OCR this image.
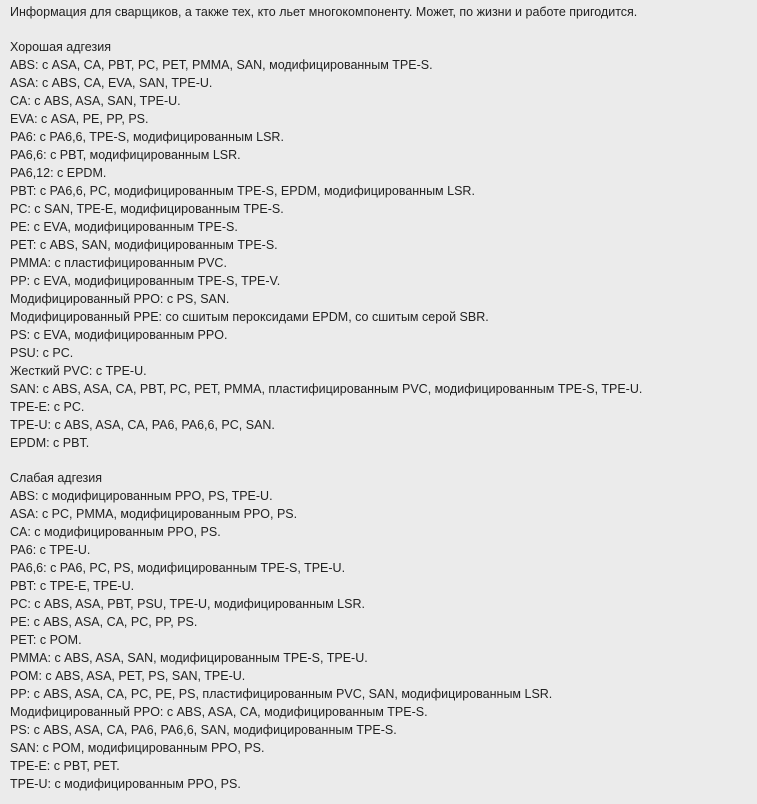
Информация для сварщиков, а также тех, кто льет многокомпоненту. Может, по жизни и работе пригодится.
Хорошая адгезия
ABS: с ASA, CA, PBT, PC, PET, PMMA, SAN, модифицированным TPE-S.
ASA: с ABS, CA, EVA, SAN, TPE-U.
CA: с ABS, ASA, SAN, TPE-U.
EVA: с ASA, PE, PP, PS.
PA6: с PA6,6, TPE-S, модифицированным LSR.
PA6,6: с PBT, модифицированным LSR.
PA6,12: с EPDM.
PBT: с PA6,6, PC, модифицированным TPE-S, EPDM, модифицированным LSR.
PC: с SAN, TPE-E, модифицированным TPE-S.
PE: с EVA, модифицированным TPE-S.
PET: с ABS, SAN, модифицированным TPE-S.
PMMA: с пластифицированным PVC.
PP: с EVA, модифицированным TPE-S, TPE-V.
Модифицированный PPO: с PS, SAN.
Модифицированный PPE: со сшитым пероксидами EPDM, со сшитым серой SBR.
PS: с EVA, модифицированным PPO.
PSU: с PC.
Жесткий PVC: с TPE-U.
SAN: с ABS, ASA, CA, PBT, PC, PET, PMMA, пластифицированным PVC, модифицированным TPE-S, TPE-U.
TPE-E: с PC.
TPE-U: с ABS, ASA, CA, PA6, PA6,6, PC, SAN.
EPDM: с PBT.
Слабая адгезия
ABS: с модифицированным PPO, PS, TPE-U.
ASA: с PC, PMMA, модифицированным PPO, PS.
CA: с модифицированным PPO, PS.
PA6: с TPE-U.
PA6,6: с PA6, PC, PS, модифицированным TPE-S, TPE-U.
PBT: с TPE-E, TPE-U.
PC: с ABS, ASA, PBT, PSU, TPE-U, модифицированным LSR.
PE: с ABS, ASA, CA, PC, PP, PS.
PET: с POM.
PMMA: с ABS, ASA, SAN, модифицированным TPE-S, TPE-U.
POM: с ABS, ASA, PET, PS, SAN, TPE-U.
PP: с ABS, ASA, CA, PC, PE, PS, пластифицированным PVC, SAN, модифицированным LSR.
Модифицированный PPO: с ABS, ASA, CA, модифицированным TPE-S.
PS: с ABS, ASA, CA, PA6, PA6,6, SAN, модифицированным TPE-S.
SAN: с POM, модифицированным PPO, PS.
TPE-E: с PBT, PET.
TPE-U: с модифицированным PPO, PS.
